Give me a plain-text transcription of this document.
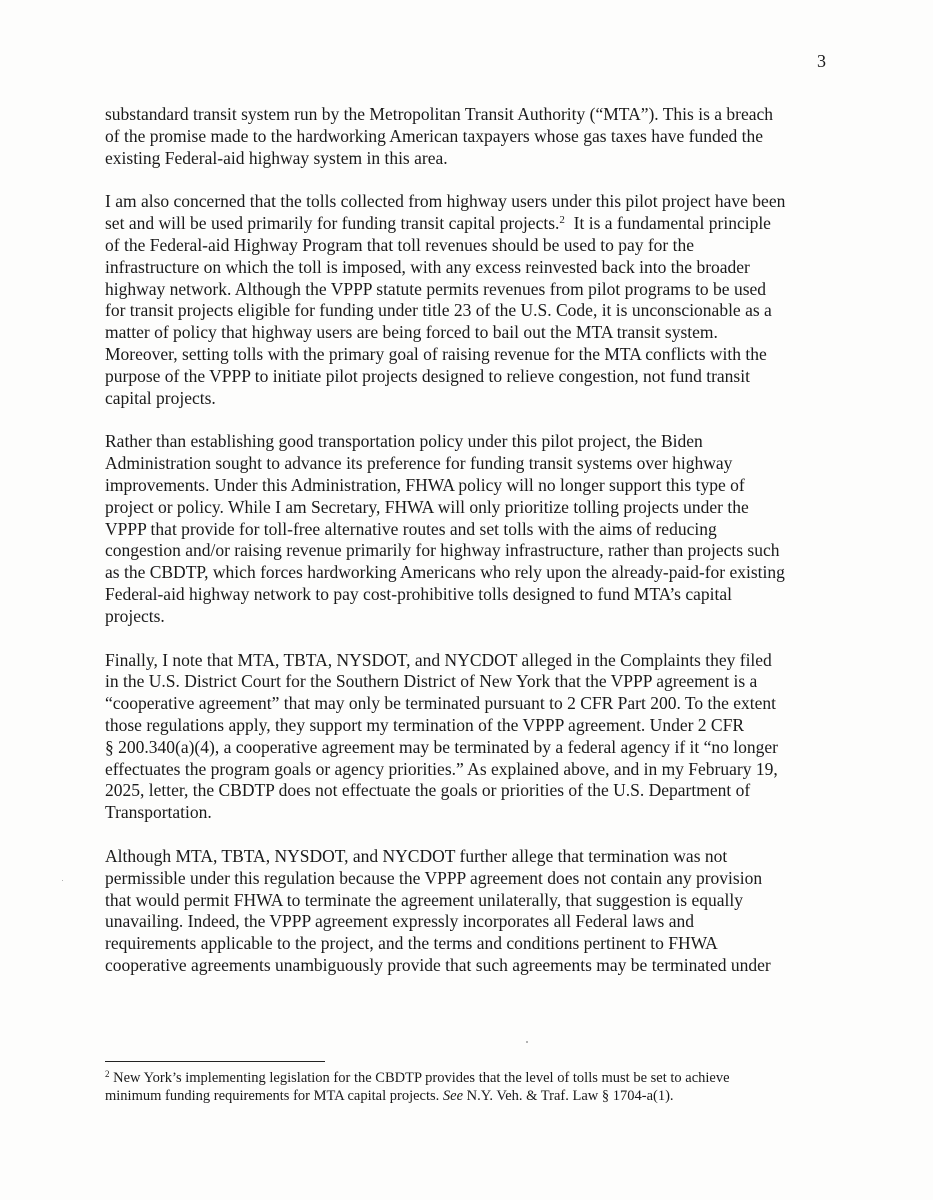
3

substandard transit system run by the Metropolitan Transit Authority (“MTA”). This is a breach
of the promise made to the hardworking American taxpayers whose gas taxes have funded the
existing Federal-aid highway system in this area.

I am also concerned that the tolls collected from highway users under this pilot project have been
set and will be used primarily for funding transit capital projects.$^2$  It is a fundamental principle
of the Federal-aid Highway Program that toll revenues should be used to pay for the
infrastructure on which the toll is imposed, with any excess reinvested back into the broader
highway network. Although the VPPP statute permits revenues from pilot programs to be used
for transit projects eligible for funding under title 23 of the U.S. Code, it is unconscionable as a
matter of policy that highway users are being forced to bail out the MTA transit system.
Moreover, setting tolls with the primary goal of raising revenue for the MTA conflicts with the
purpose of the VPPP to initiate pilot projects designed to relieve congestion, not fund transit
capital projects.

Rather than establishing good transportation policy under this pilot project, the Biden
Administration sought to advance its preference for funding transit systems over highway
improvements. Under this Administration, FHWA policy will no longer support this type of
project or policy. While I am Secretary, FHWA will only prioritize tolling projects under the
VPPP that provide for toll-free alternative routes and set tolls with the aims of reducing
congestion and/or raising revenue primarily for highway infrastructure, rather than projects such
as the CBDTP, which forces hardworking Americans who rely upon the already-paid-for existing
Federal-aid highway network to pay cost-prohibitive tolls designed to fund MTA’s capital
projects.

Finally, I note that MTA, TBTA, NYSDOT, and NYCDOT alleged in the Complaints they filed
in the U.S. District Court for the Southern District of New York that the VPPP agreement is a
“cooperative agreement” that may only be terminated pursuant to 2 CFR Part 200. To the extent
those regulations apply, they support my termination of the VPPP agreement. Under 2 CFR
§ 200.340(a)(4), a cooperative agreement may be terminated by a federal agency if it “no longer
effectuates the program goals or agency priorities.” As explained above, and in my February 19,
2025, letter, the CBDTP does not effectuate the goals or priorities of the U.S. Department of
Transportation.

Although MTA, TBTA, NYSDOT, and NYCDOT further allege that termination was not
permissible under this regulation because the VPPP agreement does not contain any provision
that would permit FHWA to terminate the agreement unilaterally, that suggestion is equally
unavailing. Indeed, the VPPP agreement expressly incorporates all Federal laws and
requirements applicable to the project, and the terms and conditions pertinent to FHWA
cooperative agreements unambiguously provide that such agreements may be terminated under

$^2$ New York’s implementing legislation for the CBDTP provides that the level of tolls must be set to achieve
minimum funding requirements for MTA capital projects. See N.Y. Veh. & Traf. Law § 1704-a(1).
